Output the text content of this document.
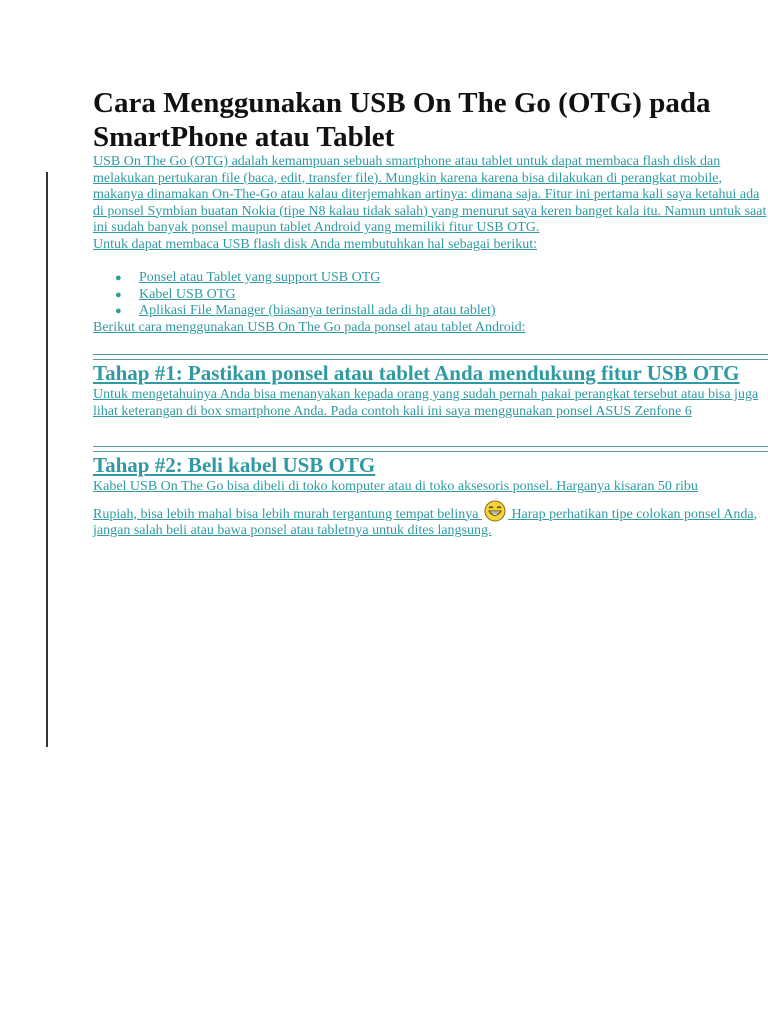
Cara Menggunakan USB On The Go (OTG) pada SmartPhone atau Tablet

USB On The Go (OTG) adalah kemampuan sebuah smartphone atau tablet untuk dapat membaca flash disk dan melakukan pertukaran file (baca, edit, transfer file). Mungkin karena karena bisa dilakukan di perangkat mobile, makanya dinamakan On-The-Go atau kalau diterjemahkan artinya: dimana saja. Fitur ini pertama kali saya ketahui ada di ponsel Symbian buatan Nokia (tipe N8 kalau tidak salah) yang menurut saya keren banget kala itu. Namun untuk saat ini sudah banyak ponsel maupun tablet Android yang memiliki fitur USB OTG.

Untuk dapat membaca USB flash disk Anda membutuhkan hal sebagai berikut:

● Ponsel atau Tablet yang support USB OTG
● Kabel USB OTG
● Aplikasi File Manager (biasanya terinstall ada di hp atau tablet)

Berikut cara menggunakan USB On The Go pada ponsel atau tablet Android:

Tahap #1: Pastikan ponsel atau tablet Anda mendukung fitur USB OTG

Untuk mengetahuinya Anda bisa menanyakan kepada orang yang sudah pernah pakai perangkat tersebut atau bisa juga lihat keterangan di box smartphone Anda. Pada contoh kali ini saya menggunakan ponsel ASUS Zenfone 6

Tahap #2: Beli kabel USB OTG

Kabel USB On The Go bisa dibeli di toko komputer atau di toko aksesoris ponsel. Harganya kisaran 50 ribu
Rupiah, bisa lebih mahal bisa lebih murah tergantung tempat belinya  Harap perhatikan tipe colokan ponsel Anda, jangan salah beli atau bawa ponsel atau tabletnya untuk dites langsung.
